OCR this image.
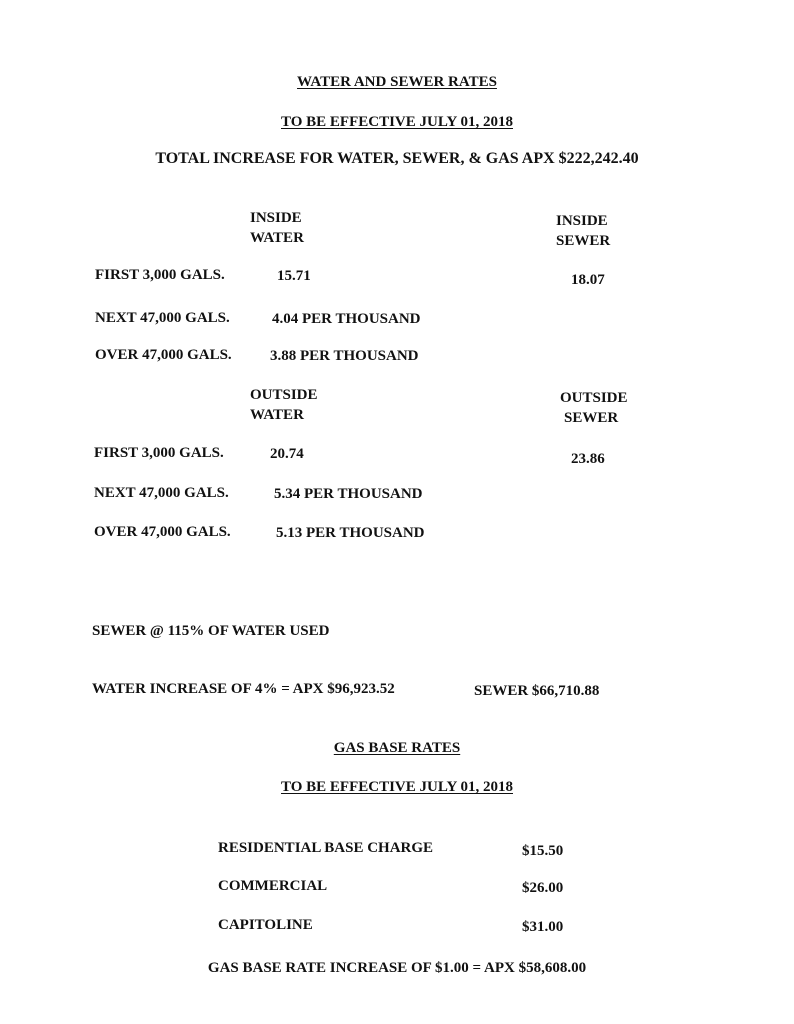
WATER AND SEWER RATES
TO BE EFFECTIVE JULY 01, 2018
TOTAL INCREASE FOR WATER, SEWER, & GAS APX $222,242.40
INSIDE
WATER
INSIDE
SEWER
FIRST 3,000 GALS.	15.71	18.07
NEXT 47,000 GALS.	4.04 PER THOUSAND
OVER 47,000 GALS.	3.88 PER THOUSAND
OUTSIDE
WATER
OUTSIDE
SEWER
FIRST 3,000 GALS.	20.74	23.86
NEXT 47,000 GALS.	5.34 PER THOUSAND
OVER 47,000 GALS.	5.13 PER THOUSAND
SEWER @ 115% OF WATER USED
WATER INCREASE OF 4% = APX $96,923.52	SEWER $66,710.88
GAS BASE RATES
TO BE EFFECTIVE JULY 01, 2018
RESIDENTIAL BASE CHARGE	$15.50
COMMERCIAL	$26.00
CAPITOLINE	$31.00
GAS BASE RATE INCREASE OF $1.00 = APX $58,608.00
